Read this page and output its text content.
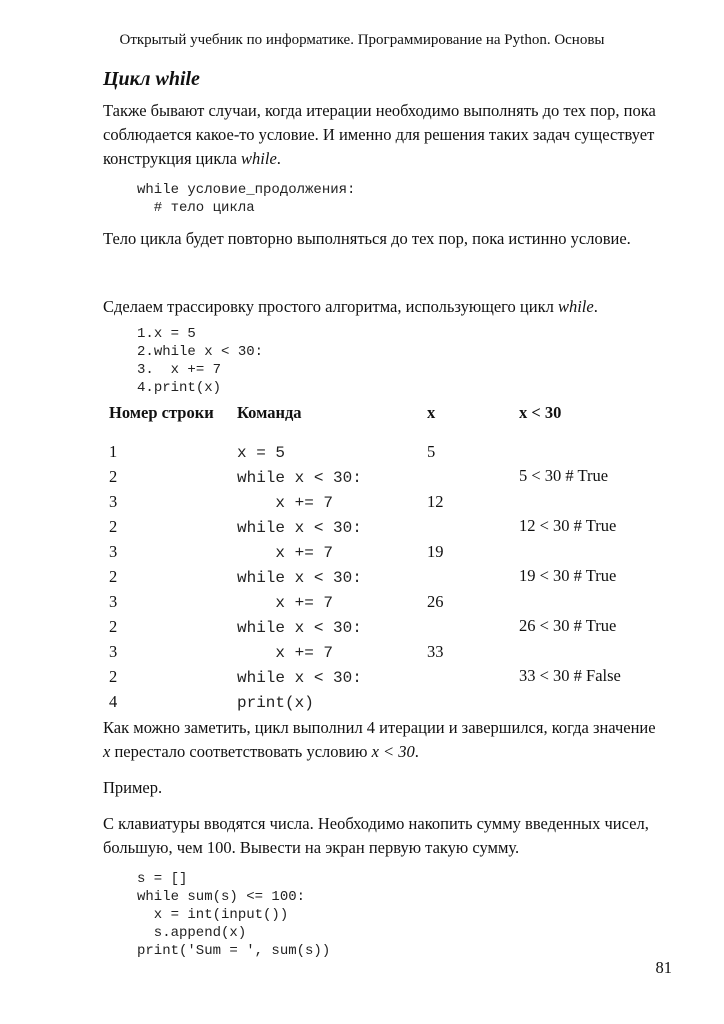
Открытый учебник по информатике. Программирование на Python. Основы
Цикл while

Также бывают случаи, когда итерации необходимо выполнять до тех пор, пока
соблюдается какое-то условие. И именно для решения таких задач существует
конструкция цикла while.

while условие_продолжения:
# тело цикла

Тело цикла будет повторно выполняться до тех пор, пока истинно условие.

Сделаем трассировку простого алгоритма, использующего цикл while.

1.x = 5
2.while x < 30:
3.  x += 7
4.print(x)
Номер строки	Команда	x	x < 30
1	x = 5	5	
2	while x < 30:		5 < 30 # True
3	x += 7	12	
2	while x < 30:		12 < 30 # True
3	x += 7	19	
2	while x < 30:		19 < 30 # True
3	x += 7	26	
2	while x < 30:		26 < 30 # True
3	x += 7	33	
2	while x < 30:		33 < 30 # False
4	print(x)		

Как можно заметить, цикл выполнил 4 итерации и завершился, когда значение
x перестало соответствовать условию x < 30.

Пример.

С клавиатуры вводятся числа. Необходимо накопить сумму введенных чисел,
большую, чем 100. Вывести на экран первую такую сумму.

s = []
while sum(s) <= 100:
x = int(input())
s.append(x)
print('Sum = ', sum(s))
81
